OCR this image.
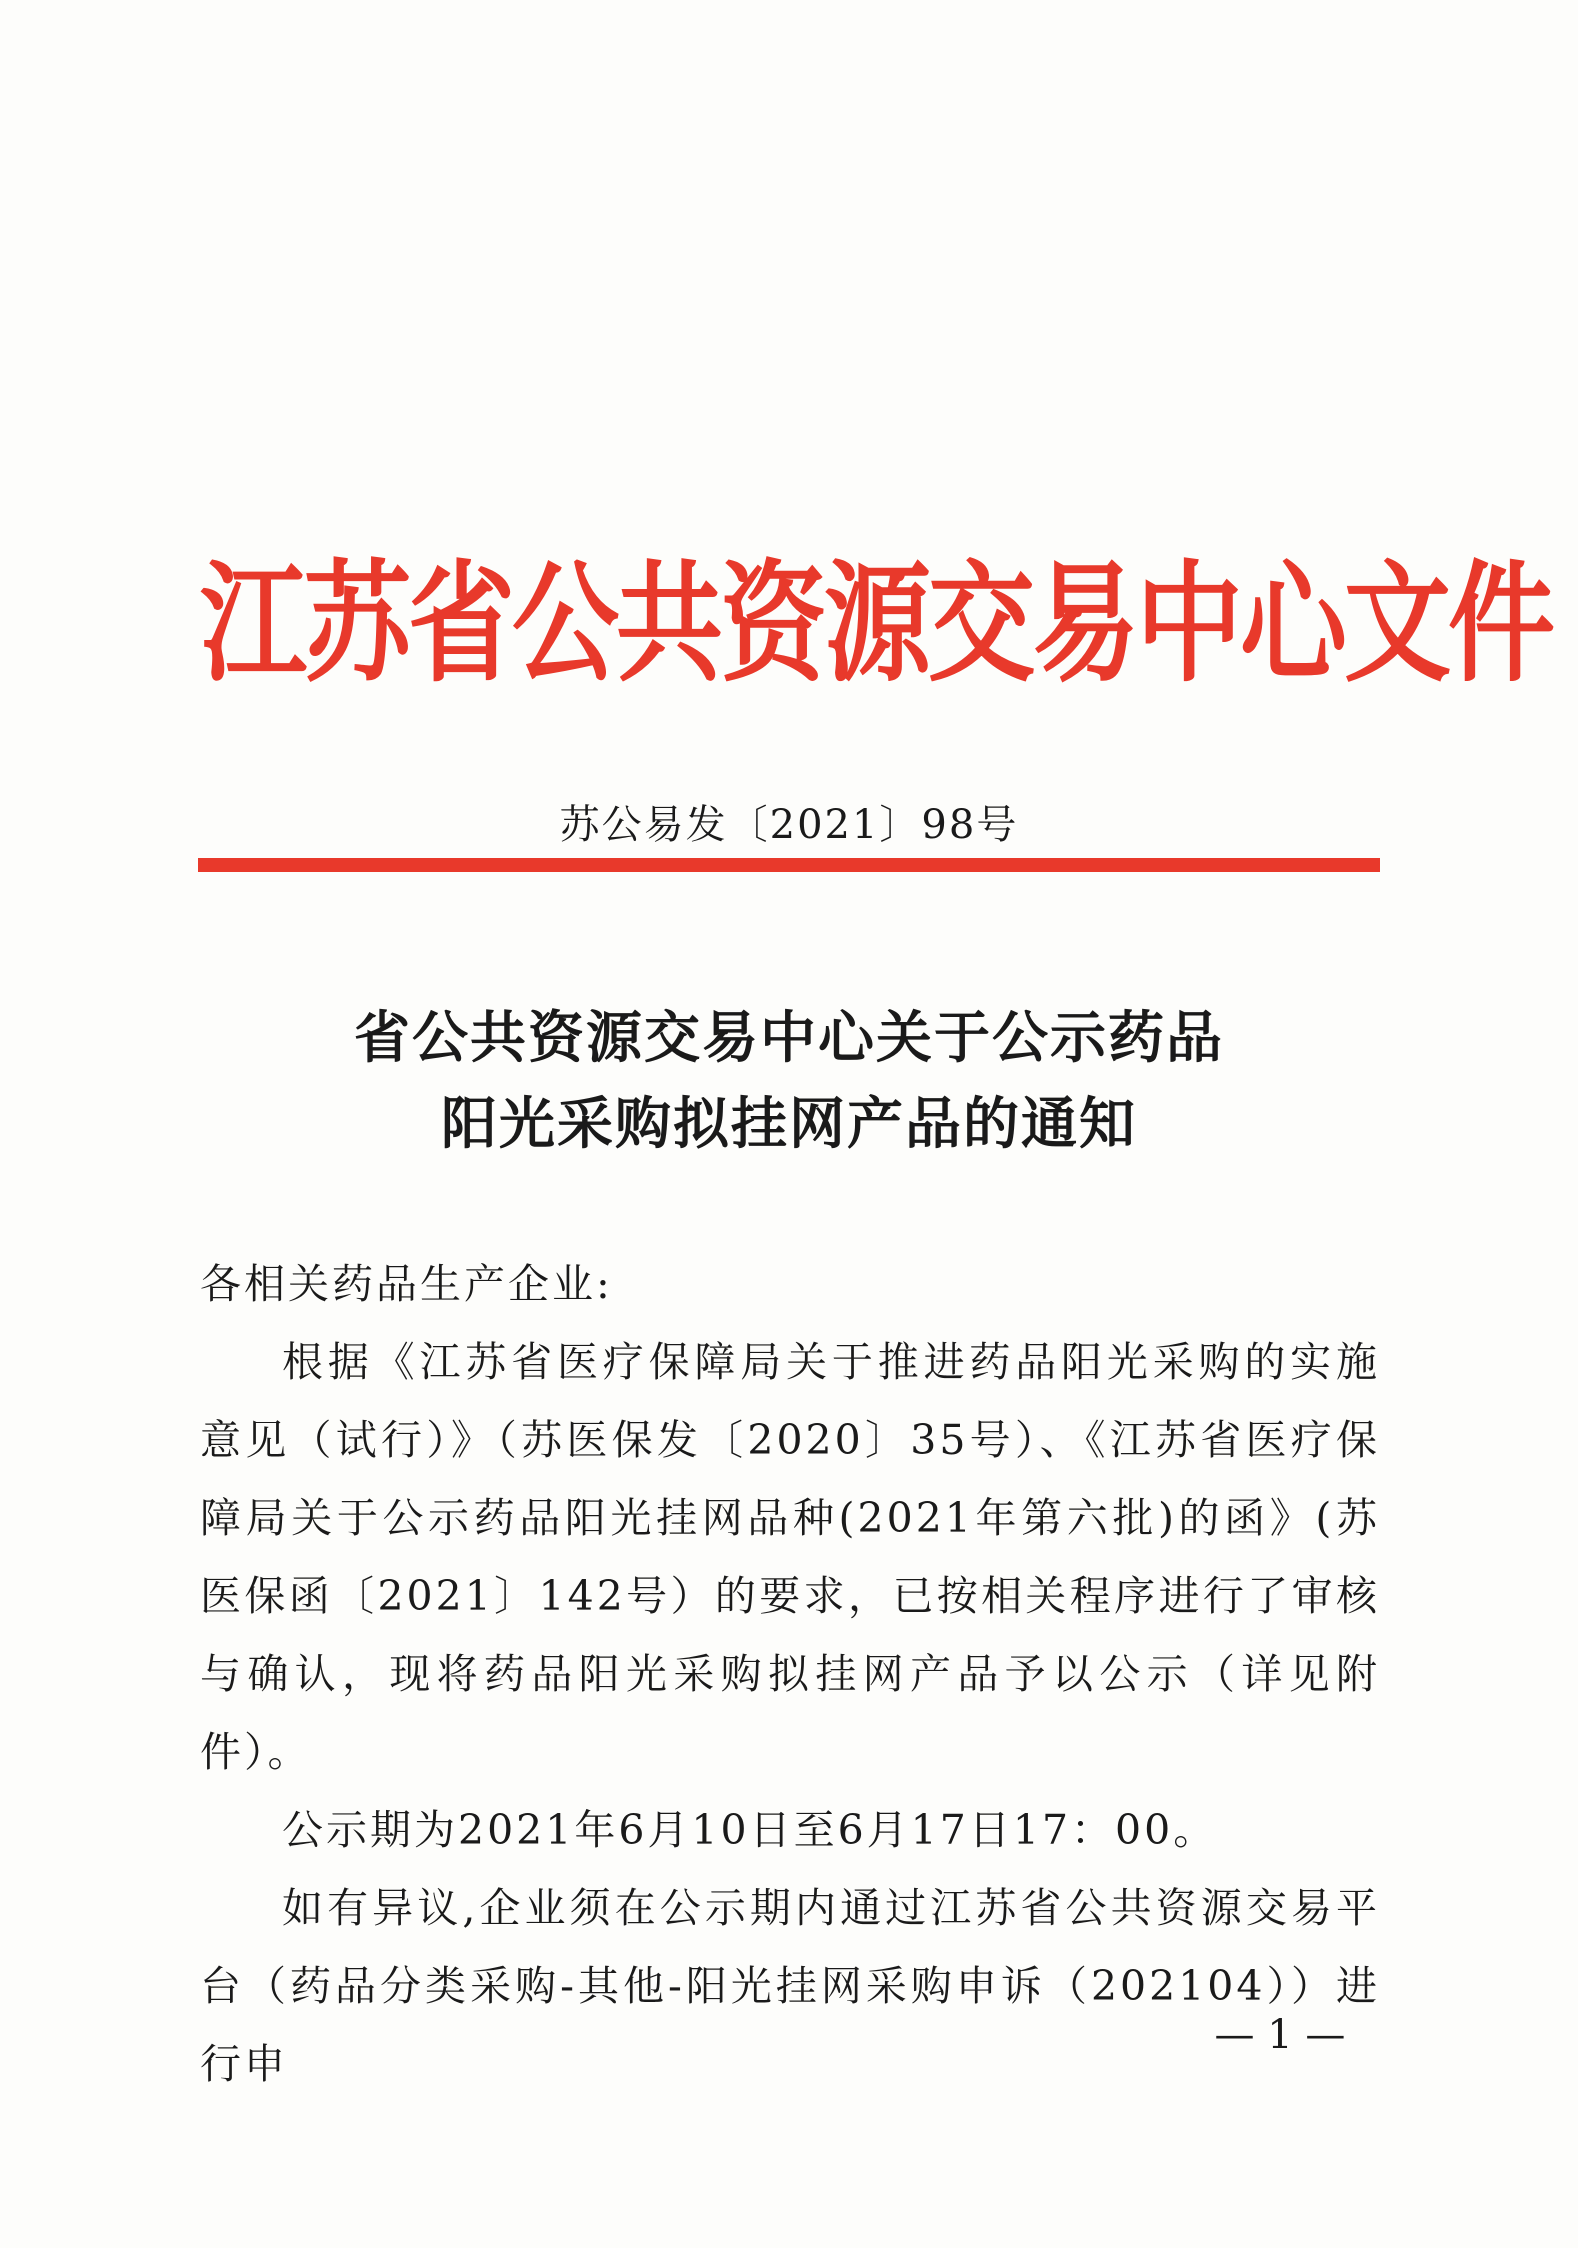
江苏省公共资源交易中心文件
苏公易发〔2021〕98号
省公共资源交易中心关于公示药品
阳光采购拟挂网产品的通知

各相关药品生产企业:

根据《江苏省医疗保障局关于推进药品阳光采购的实施意见（试行）》（苏医保发〔2020〕35号）、《江苏省医疗保障局关于公示药品阳光挂网品种(2021年第六批)的函》(苏医保函〔2021〕142号）的要求，已按相关程序进行了审核与确认，现将药品阳光采购拟挂网产品予以公示（详见附件）。

公示期为2021年6月10日至6月17日17：00。

如有异议,企业须在公示期内通过江苏省公共资源交易平台（药品分类采购-其他-阳光挂网采购申诉（202104））进行申

— 1 —
